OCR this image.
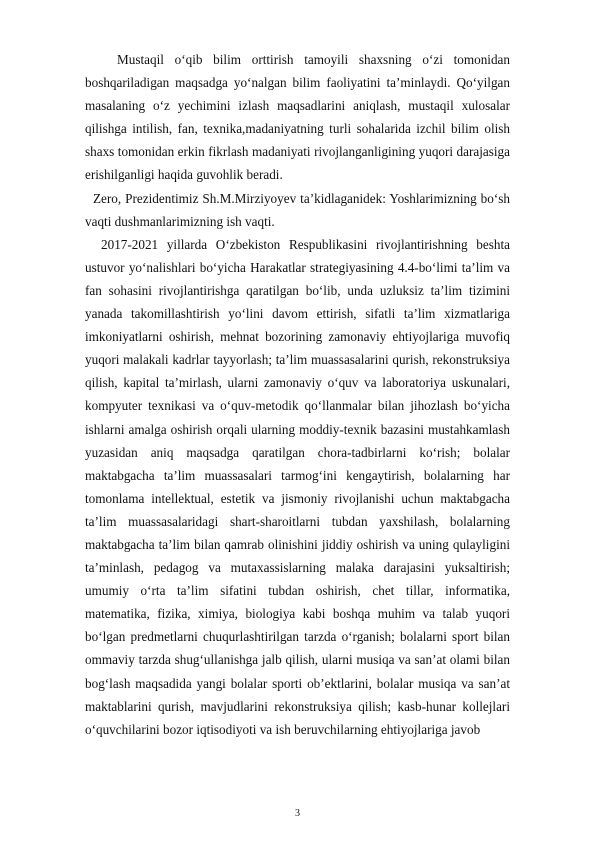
Mustaqil o‘qib bilim orttirish tamoyili shaxsning o‘zi tomonidan boshqariladigan maqsadga yo‘nalgan bilim faoliyatini ta’minlaydi. Qo‘yilgan masalaning o‘z yechimini izlash maqsadlarini aniqlash, mustaqil xulosalar qilishga intilish, fan, texnika,madaniyatning turli sohalarida izchil bilim olish shaxs tomonidan erkin fikrlash madaniyati rivojlanganligining yuqori darajasiga erishilganligi haqida guvohlik beradi.

Zero, Prezidentimiz Sh.M.Mirziyoyev ta’kidlaganidek: Yoshlarimizning bo‘sh vaqti dushmanlarimizning ish vaqti.

2017-2021 yillarda O‘zbekiston Respublikasini rivojlantirishning beshta ustuvor yo‘nalishlari bo‘yicha Harakatlar strategiyasining 4.4-bo‘limi ta’lim va fan sohasini rivojlantirishga qaratilgan bo‘lib, unda uzluksiz ta’lim tizimini yanada takomillashtirish yo‘lini davom ettirish, sifatli ta’lim xizmatlariga imkoniyatlarni oshirish, mehnat bozorining zamonaviy ehtiyojlariga muvofiq yuqori malakali kadrlar tayyorlash; ta’lim muassasalarini qurish, rekonstruksiya qilish, kapital ta’mirlash, ularni zamonaviy o‘quv va laboratoriya uskunalari, kompyuter texnikasi va o‘quv-metodik qo‘llanmalar bilan jihozlash bo‘yicha ishlarni amalga oshirish orqali ularning moddiy-texnik bazasini mustahkamlash yuzasidan aniq maqsadga qaratilgan chora-tadbirlarni ko‘rish; bolalar maktabgacha ta’lim muassasalari tarmog‘ini kengaytirish, bolalarning har tomonlama intellektual, estetik va jismoniy rivojlanishi uchun maktabgacha ta’lim muassasalaridagi shart-sharoitlarni tubdan yaxshilash, bolalarning maktabgacha ta’lim bilan qamrab olinishini jiddiy oshirish va uning qulayligini ta’minlash, pedagog va mutaxassislarning malaka darajasini yuksaltirish; umumiy o‘rta ta’lim sifatini tubdan oshirish, chet tillar, informatika, matematika, fizika, ximiya, biologiya kabi boshqa muhim va talab yuqori bo‘lgan predmetlarni chuqurlashtirilgan tarzda o‘rganish; bolalarni sport bilan ommaviy tarzda shug‘ullanishga jalb qilish, ularni musiqa va san’at olami bilan bog‘lash maqsadida yangi bolalar sporti ob’ektlarini, bolalar musiqa va san’at maktablarini qurish, mavjudlarini rekonstruksiya qilish; kasb-hunar kollejlari o‘quvchilarini bozor iqtisodiyoti va ish beruvchilarning ehtiyojlariga javob

3
